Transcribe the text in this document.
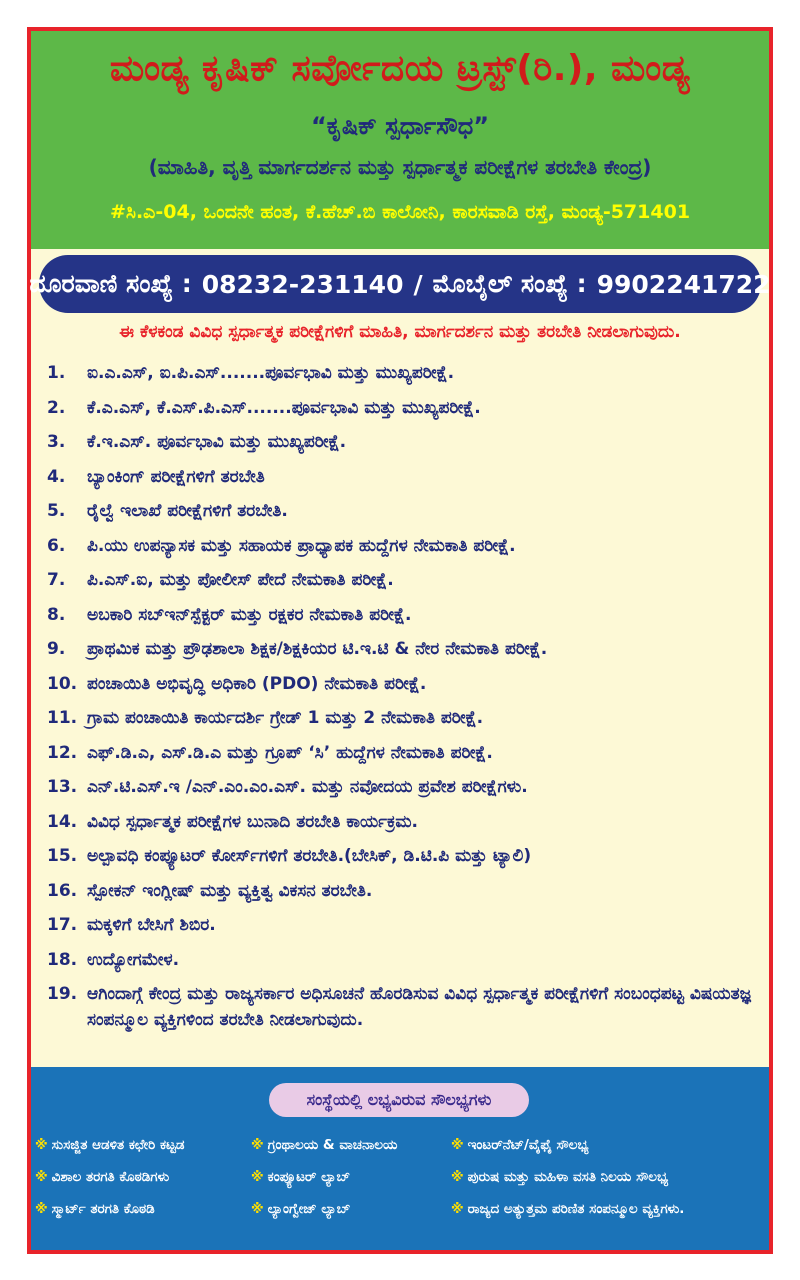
ಮಂಡ್ಯ ಕೃಷಿಕ್ ಸರ್ವೋದಯ ಟ್ರಸ್ಟ್(ರಿ.), ಮಂಡ್ಯ
“ಕೃಷಿಕ್ ಸ್ಪರ್ಧಾಸೌಧ”
(ಮಾಹಿತಿ, ವೃತ್ತಿ ಮಾರ್ಗದರ್ಶನ ಮತ್ತು ಸ್ಪರ್ಧಾತ್ಮಕ ಪರೀಕ್ಷೆಗಳ ತರಬೇತಿ ಕೇಂದ್ರ)
#ಸಿ.ಎ-04, ಒಂದನೇ ಹಂತ, ಕೆ.ಹೆಚ್.ಬಿ ಕಾಲೋನಿ, ಕಾರಸವಾಡಿ ರಸ್ತೆ, ಮಂಡ್ಯ-571401
ದೂರವಾಣಿ ಸಂಖ್ಯೆ : 08232-231140 / ಮೊಬೈಲ್ ಸಂಖ್ಯೆ : 9902241722
ಈ ಕೆಳಕಂಡ ವಿವಿಧ ಸ್ಪರ್ಧಾತ್ಮಕ ಪರೀಕ್ಷೆಗಳಿಗೆ ಮಾಹಿತಿ, ಮಾರ್ಗದರ್ಶನ ಮತ್ತು ತರಬೇತಿ ನೀಡಲಾಗುವುದು.
1.	ಐ.ಎ.ಎಸ್, ಐ.ಪಿ.ಎಸ್.......ಪೂರ್ವಭಾವಿ ಮತ್ತು ಮುಖ್ಯಪರೀಕ್ಷೆ.
2.	ಕೆ.ಎ.ಎಸ್, ಕೆ.ಎಸ್.ಪಿ.ಎಸ್.......ಪೂರ್ವಭಾವಿ ಮತ್ತು ಮುಖ್ಯಪರೀಕ್ಷೆ.
3.	ಕೆ.ಇ.ಎಸ್. ಪೂರ್ವಭಾವಿ ಮತ್ತು ಮುಖ್ಯಪರೀಕ್ಷೆ.
4.	ಬ್ಯಾಂಕಿಂಗ್ ಪರೀಕ್ಷೆಗಳಿಗೆ ತರಬೇತಿ
5.	ರೈಲ್ವೆ ಇಲಾಖೆ ಪರೀಕ್ಷೆಗಳಿಗೆ ತರಬೇತಿ.
6.	ಪಿ.ಯು ಉಪನ್ಯಾಸಕ ಮತ್ತು ಸಹಾಯಕ ಪ್ರಾಧ್ಯಾಪಕ ಹುದ್ದೆಗಳ ನೇಮಕಾತಿ ಪರೀಕ್ಷೆ.
7.	ಪಿ.ಎಸ್.ಐ, ಮತ್ತು ಪೋಲೀಸ್ ಪೇದೆ ನೇಮಕಾತಿ ಪರೀಕ್ಷೆ.
8.	ಅಬಕಾರಿ ಸಬ್‌ಇನ್‌ಸ್ಪೆಕ್ಟರ್ ಮತ್ತು ರಕ್ಷಕರ ನೇಮಕಾತಿ ಪರೀಕ್ಷೆ.
9.	ಪ್ರಾಥಮಿಕ ಮತ್ತು ಪ್ರೌಢಶಾಲಾ ಶಿಕ್ಷಕ/ಶಿಕ್ಷಕಿಯರ ಟಿ.ಇ.ಟಿ & ನೇರ ನೇಮಕಾತಿ ಪರೀಕ್ಷೆ.
10. ಪಂಚಾಯಿತಿ ಅಭಿವೃದ್ಧಿ ಅಧಿಕಾರಿ (PDO) ನೇಮಕಾತಿ ಪರೀಕ್ಷೆ.
11. ಗ್ರಾಮ ಪಂಚಾಯಿತಿ ಕಾರ್ಯದರ್ಶಿ ಗ್ರೇಡ್ 1 ಮತ್ತು 2 ನೇಮಕಾತಿ ಪರೀಕ್ಷೆ.
12. ಎಫ್.ಡಿ.ಎ, ಎಸ್.ಡಿ.ಎ ಮತ್ತು ಗ್ರೂಪ್ ‘ಸಿ’ ಹುದ್ದೆಗಳ ನೇಮಕಾತಿ ಪರೀಕ್ಷೆ.
13. ಎನ್.ಟಿ.ಎಸ್.ಇ /ಎನ್.ಎಂ.ಎಂ.ಎಸ್. ಮತ್ತು ನವೋದಯ ಪ್ರವೇಶ ಪರೀಕ್ಷೆಗಳು.
14. ವಿವಿಧ ಸ್ಪರ್ಧಾತ್ಮಕ ಪರೀಕ್ಷೆಗಳ ಬುನಾದಿ ತರಬೇತಿ ಕಾರ್ಯಕ್ರಮ.
15. ಅಲ್ಪಾವಧಿ ಕಂಪ್ಯೂಟರ್ ಕೋರ್ಸ್‌ಗಳಿಗೆ ತರಬೇತಿ.(ಬೇಸಿಕ್, ಡಿ.ಟಿ.ಪಿ ಮತ್ತು ಟ್ಯಾಲಿ)
16. ಸ್ಪೋಕನ್ ಇಂಗ್ಲೀಷ್ ಮತ್ತು ವ್ಯಕ್ತಿತ್ವ ವಿಕಸನ ತರಬೇತಿ.
17. ಮಕ್ಕಳಿಗೆ ಬೇಸಿಗೆ ಶಿಬಿರ.
18. ಉದ್ಯೋಗಮೇಳ.
19. ಆಗಿಂದಾಗ್ಗೆ ಕೇಂದ್ರ ಮತ್ತು ರಾಜ್ಯಸರ್ಕಾರ ಅಧಿಸೂಚನೆ ಹೊರಡಿಸುವ ವಿವಿಧ ಸ್ಪರ್ಧಾತ್ಮಕ ಪರೀಕ್ಷೆಗಳಿಗೆ ಸಂಬಂಧಪಟ್ಟ ವಿಷಯತಜ್ಞ ಸಂಪನ್ಮೂಲ ವ್ಯಕ್ತಿಗಳಿಂದ ತರಬೇತಿ ನೀಡಲಾಗುವುದು.
ಸಂಸ್ಥೆಯಲ್ಲಿ ಲಭ್ಯವಿರುವ ಸೌಲಭ್ಯಗಳು
※ ಸುಸಜ್ಜಿತ ಆಡಳಿತ ಕಛೇರಿ ಕಟ್ಟಡ	※ ಗ್ರಂಥಾಲಯ & ವಾಚನಾಲಯ	※ ಇಂಟರ್‌ನೆಟ್/ವೈಫೈ ಸೌಲಭ್ಯ
※ ವಿಶಾಲ ತರಗತಿ ಕೊಠಡಿಗಳು	※ ಕಂಪ್ಯೂಟರ್ ಲ್ಯಾಬ್	※ ಪುರುಷ ಮತ್ತು ಮಹಿಳಾ ವಸತಿ ನಿಲಯ ಸೌಲಭ್ಯ
※ ಸ್ಮಾರ್ಟ್ ತರಗತಿ ಕೊಠಡಿ	※ ಲ್ಯಾಂಗ್ವೇಜ್ ಲ್ಯಾಬ್	※ ರಾಜ್ಯದ ಅತ್ಯುತ್ತಮ ಪರಿಣಿತ ಸಂಪನ್ಮೂಲ ವ್ಯಕ್ತಿಗಳು.
